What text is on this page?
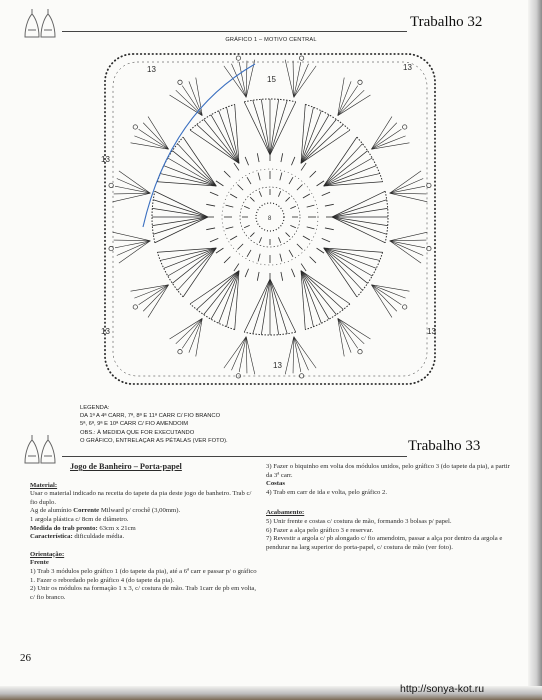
Trabalho 32
GRÁFICO 1 – MOTIVO CENTRAL
13
15
13
13
13	13
13
8
LEGENDA:
DA 1ª A 4ª CARR, 7ª, 8ª E 11ª CARR C/ FIO BRANCO
5ª, 6ª, 9ª E 10ª CARR C/ FIO AMENDOIM
OBS.: À MEDIDA QUE FOR EXECUTANDO
O GRÁFICO, ENTRELAÇAR AS PÉTALAS (VER FOTO).	Trabalho 33

Jogo de Banheiro – Porta-papel

Material:

Usar o material indicado na receita do tapete da pia deste jogo de banheiro. Trab c/ fio duplo.

Ag de alumínio Corrente Milward p/ crochê (3,00mm).

1 argola plástica c/ 8cm de diâmetro.

Medida do trab pronto: 63cm x 21cm

Característica: dificuldade média.

Orientação:

Frente

1) Trab 3 módulos pelo gráfico 1 (do tapete da pia), até a 6ª carr e passar p/ o gráfico 1. Fazer o rebordado pelo gráfico 4 (do tapete da pia).

2) Unir os módulos na formação 1 x 3, c/ costura de mão. Trab 1carr de pb em volta, c/ fio branco.

3) Fazer o biquinho em volta dos módulos unidos, pelo gráfico 3 (do tapete da pia), a partir da 3ª carr.

Costas

4) Trab em carr de ida e volta, pelo gráfico 2.

Acabamento:

5) Unir frente e costas c/ costura de mão, formando 3 bolsas p/ papel.

6) Fazer a alça pelo gráfico 3 e reservar.

7) Revestir a argola c/ pb alongado c/ fio amendoim, passar a alça por dentro da argola e pendurar na larg superior do porta-papel, c/ costura de mão (ver foto).

26
http://sonya-kot.ru
